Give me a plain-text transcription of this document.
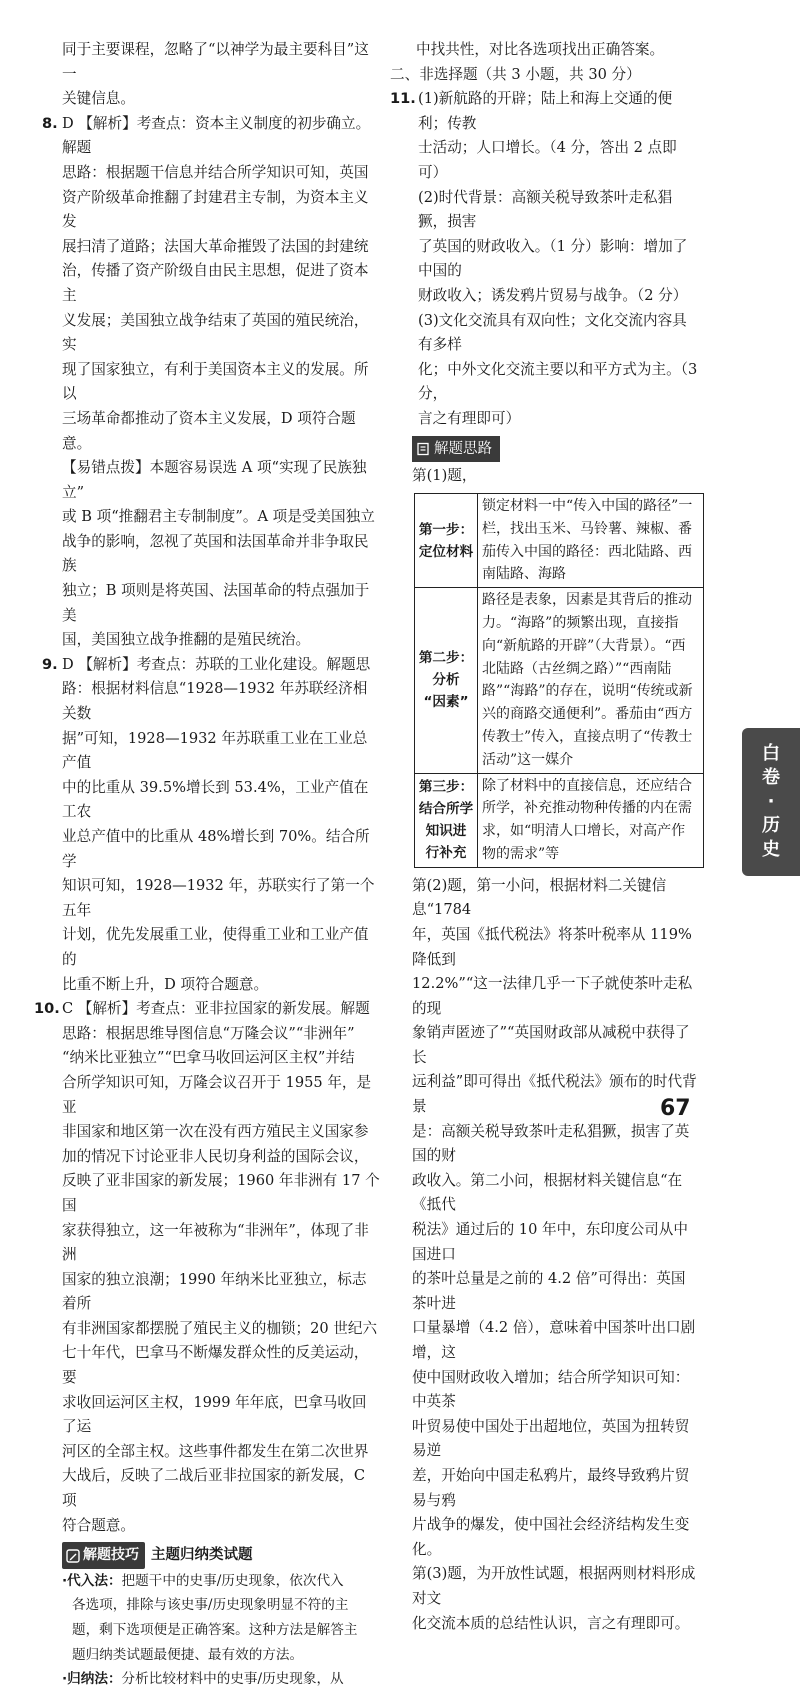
同于主要课程，忽略了“以神学为最主要科目”这一

关键信息。

8. D 【解析】考查点：资本主义制度的初步确立。解题

思路：根据题干信息并结合所学知识可知，英国

资产阶级革命推翻了封建君主专制，为资本主义发

展扫清了道路；法国大革命摧毁了法国的封建统

治，传播了资产阶级自由民主思想，促进了资本主

义发展；美国独立战争结束了英国的殖民统治，实

现了国家独立，有利于美国资本主义的发展。所以

三场革命都推动了资本主义发展，D 项符合题意。

【易错点拨】本题容易误选 A 项“实现了民族独立”

或 B 项“推翻君主专制制度”。A 项是受美国独立

战争的影响，忽视了英国和法国革命并非争取民族

独立；B 项则是将英国、法国革命的特点强加于美

国，美国独立战争推翻的是殖民统治。

9. D 【解析】考查点：苏联的工业化建设。解题思

路：根据材料信息“1928—1932 年苏联经济相关数

据”可知，1928—1932 年苏联重工业在工业总产值

中的比重从 39.5%增长到 53.4%，工业产值在工农

业总产值中的比重从 48%增长到 70%。结合所学

知识可知，1928—1932 年，苏联实行了第一个五年

计划，优先发展重工业，使得重工业和工业产值的

比重不断上升，D 项符合题意。

10. C 【解析】考查点：亚非拉国家的新发展。解题

思路：根据思维导图信息“万隆会议”“非洲年”

“纳米比亚独立”“巴拿马收回运河区主权”并结

合所学知识可知，万隆会议召开于 1955 年，是亚

非国家和地区第一次在没有西方殖民主义国家参

加的情况下讨论亚非人民切身利益的国际会议，

反映了亚非国家的新发展；1960 年非洲有 17 个国

家获得独立，这一年被称为“非洲年”，体现了非洲

国家的独立浪潮；1990 年纳米比亚独立，标志着所

有非洲国家都摆脱了殖民主义的枷锁；20 世纪六

七十年代，巴拿马不断爆发群众性的反美运动，要

求收回运河区主权，1999 年年底，巴拿马收回了运

河区的全部主权。这些事件都发生在第二次世界

大战后，反映了二战后亚非拉国家的新发展，C 项

符合题意。

解题技巧 主题归纳类试题

·代入法：把题干中的史事/历史现象，依次代入

各选项，排除与该史事/历史现象明显不符的主

题，剩下选项便是正确答案。这种方法是解答主

题归纳类试题最便捷、最有效的方法。

·归纳法：分析比较材料中的史事/历史现象，从

中找共性，对比各选项找出正确答案。

二、非选择题（共 3 小题，共 30 分）

11. (1)新航路的开辟；陆上和海上交通的便利；传教

士活动；人口增长。（4 分，答出 2 点即可）

(2)时代背景：高额关税导致茶叶走私猖獗，损害

了英国的财政收入。（1 分）影响：增加了中国的

财政收入；诱发鸦片贸易与战争。（2 分）

(3)文化交流具有双向性；文化交流内容具有多样

化；中外文化交流主要以和平方式为主。（3 分，

言之有理即可）

解题思路

第(1)题，

第一步：
定位材料	锁定材料一中“传入中国的路径”一栏，找出玉米、马铃薯、辣椒、番茄传入中国的路径：西北陆路、西南陆路、海路

第二步：
分析
“因素”	路径是表象，因素是其背后的推动力。“海路”的频繁出现，直接指向“新航路的开辟”（大背景）。“西北陆路（古丝绸之路）”“西南陆路”“海路”的存在，说明“传统或新兴的商路交通便利”。番茄由“西方传教士”传入，直接点明了“传教士活动”这一媒介

第三步：
结合所学
知识进
行补充	除了材料中的直接信息，还应结合所学，补充推动物种传播的内在需求，如“明清人口增长，对高产作物的需求”等

第(2)题，第一小问，根据材料二关键信息“1784

年，英国《抵代税法》将茶叶税率从 119%降低到

12.2%”“这一法律几乎一下子就使茶叶走私的现

象销声匿迹了”“英国财政部从减税中获得了长

远利益”即可得出《抵代税法》颁布的时代背景

是：高额关税导致茶叶走私猖獗，损害了英国的财

政收入。第二小问，根据材料关键信息“在《抵代

税法》通过后的 10 年中，东印度公司从中国进口

的茶叶总量是之前的 4.2 倍”可得出：英国茶叶进

口量暴增（4.2 倍），意味着中国茶叶出口剧增，这

使中国财政收入增加；结合所学知识可知：中英茶

叶贸易使中国处于出超地位，英国为扭转贸易逆

差，开始向中国走私鸦片，最终导致鸦片贸易与鸦

片战争的爆发，使中国社会经济结构发生变化。

第(3)题，为开放性试题，根据两则材料形成对文

化交流本质的总结性认识，言之有理即可。

白
卷
·
历
史
67
